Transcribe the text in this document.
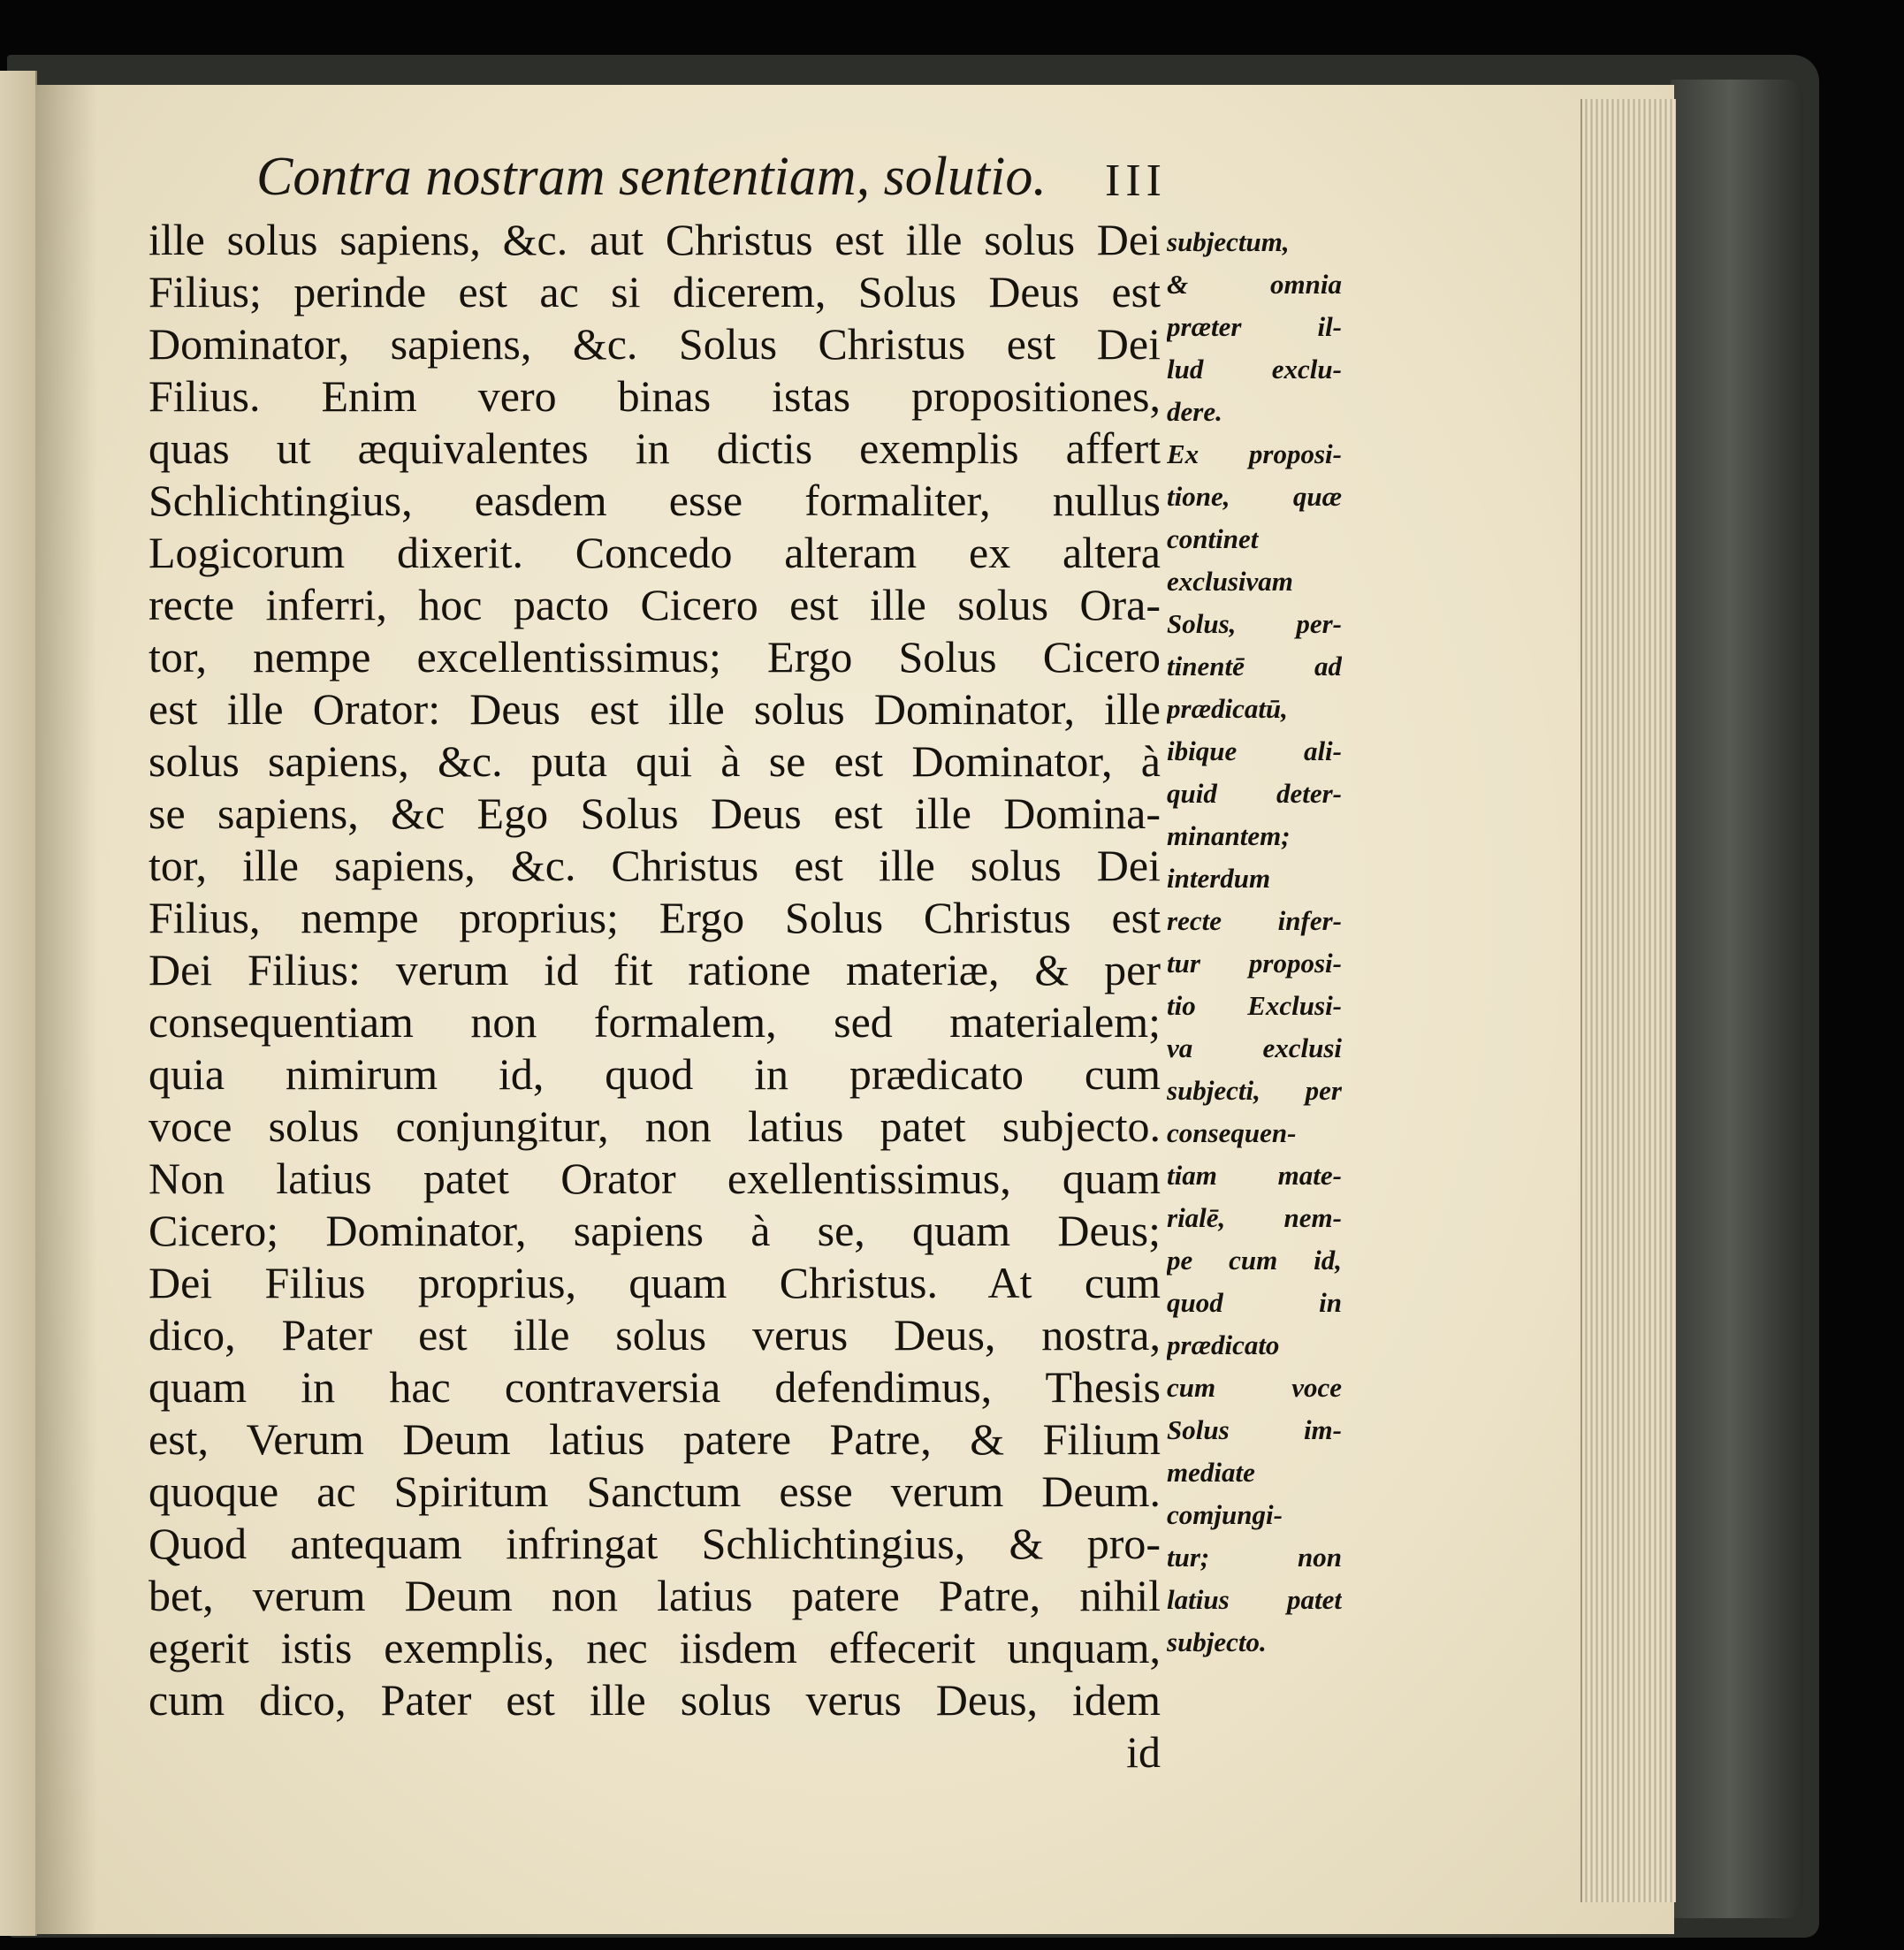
Contra nostram sententiam, solutio. III
ille solus sapiens, &c. aut Christus est ille solus Dei
Filius; perinde est ac si dicerem, Solus Deus est
Dominator, sapiens, &c. Solus Christus est Dei
Filius. Enim vero binas istas propositiones,
quas ut æquivalentes in dictis exemplis affert
Schlichtingius, easdem esse formaliter, nullus
Logicorum dixerit. Concedo alteram ex altera
recte inferri, hoc pacto Cicero est ille solus Ora-
tor, nempe excellentissimus; Ergo Solus Cicero
est ille Orator: Deus est ille solus Dominator, ille
solus sapiens, &c. puta qui à se est Dominator, à
se sapiens, &c Ego Solus Deus est ille Domina-
tor, ille sapiens, &c. Christus est ille solus Dei
Filius, nempe proprius; Ergo Solus Christus est
Dei Filius: verum id fit ratione materiæ, & per
consequentiam non formalem, sed materialem;
quia nimirum id, quod in prædicato cum
voce solus conjungitur, non latius patet subjecto.
Non latius patet Orator exellentissimus, quam
Cicero; Dominator, sapiens à se, quam Deus;
Dei Filius proprius, quam Christus. At cum
dico, Pater est ille solus verus Deus, nostra,
quam in hac contraversia defendimus, Thesis
est, Verum Deum latius patere Patre, & Filium
quoque ac Spiritum Sanctum esse verum Deum.
Quod antequam infringat Schlichtingius, & pro-
bet, verum Deum non latius patere Patre, nihil
egerit istis exemplis, nec iisdem effecerit unquam,
cum dico, Pater est ille solus verus Deus, idem
id
subjectum,
& omnia
præter il-
lud exclu-
dere.
Ex proposi-
tione, quæ
continet
exclusivam
Solus, per-
tinentē ad
prædicatū,
ibique ali-
quid deter-
minantem;
interdum
recte infer-
tur proposi-
tio Exclusi-
va exclusi
subjecti, per
consequen-
tiam mate-
rialē, nem-
pe cum id,
quod in
prædicato
cum voce
Solus im-
mediate
comjungi-
tur; non
latius patet
subjecto.
